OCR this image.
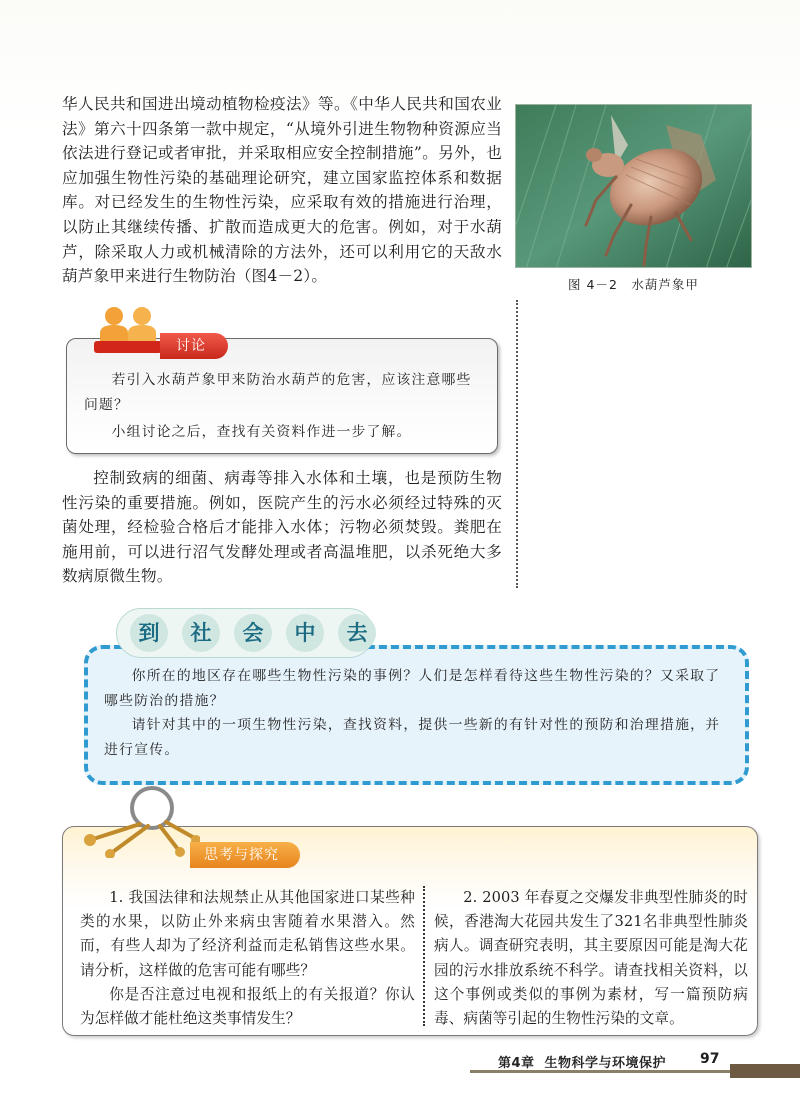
华人民共和国进出境动植物检疫法》等。《中华人民共和国农业法》第六十四条第一款中规定，“从境外引进生物物种资源应当依法进行登记或者审批，并采取相应安全控制措施”。另外，也应加强生物性污染的基础理论研究，建立国家监控体系和数据库。对已经发生的生物性污染，应采取有效的措施进行治理，以防止其继续传播、扩散而造成更大的危害。例如，对于水葫芦，除采取人力或机械清除的方法外，还可以利用它的天敌水葫芦象甲来进行生物防治（图4－2）。	图 4－2　水葫芦象甲
讨论

若引入水葫芦象甲来防治水葫芦的危害，应该注意哪些问题？

小组讨论之后，查找有关资料作进一步了解。

控制致病的细菌、病毒等排入水体和土壤，也是预防生物性污染的重要措施。例如，医院产生的污水必须经过特殊的灭菌处理，经检验合格后才能排入水体；污物必须焚毁。粪肥在施用前，可以进行沼气发酵处理或者高温堆肥，以杀死绝大多数病原微生物。
到	社	会	中	去

你所在的地区存在哪些生物性污染的事例？人们是怎样看待这些生物性污染的？又采取了哪些防治的措施？

请针对其中的一项生物性污染，查找资料，提供一些新的有针对性的预防和治理措施，并进行宣传。

思考与探究

1. 我国法律和法规禁止从其他国家进口某些种类的水果，以防止外来病虫害随着水果潜入。然而，有些人却为了经济利益而走私销售这些水果。请分析，这样做的危害可能有哪些？

你是否注意过电视和报纸上的有关报道？你认为怎样做才能杜绝这类事情发生？

2. 2003 年春夏之交爆发非典型性肺炎的时候，香港淘大花园共发生了321名非典型性肺炎病人。调查研究表明，其主要原因可能是淘大花园的污水排放系统不科学。请查找相关资料，以这个事例或类似的事例为素材，写一篇预防病毒、病菌等引起的生物性污染的文章。

第4章 生物科学与环境保护 97
